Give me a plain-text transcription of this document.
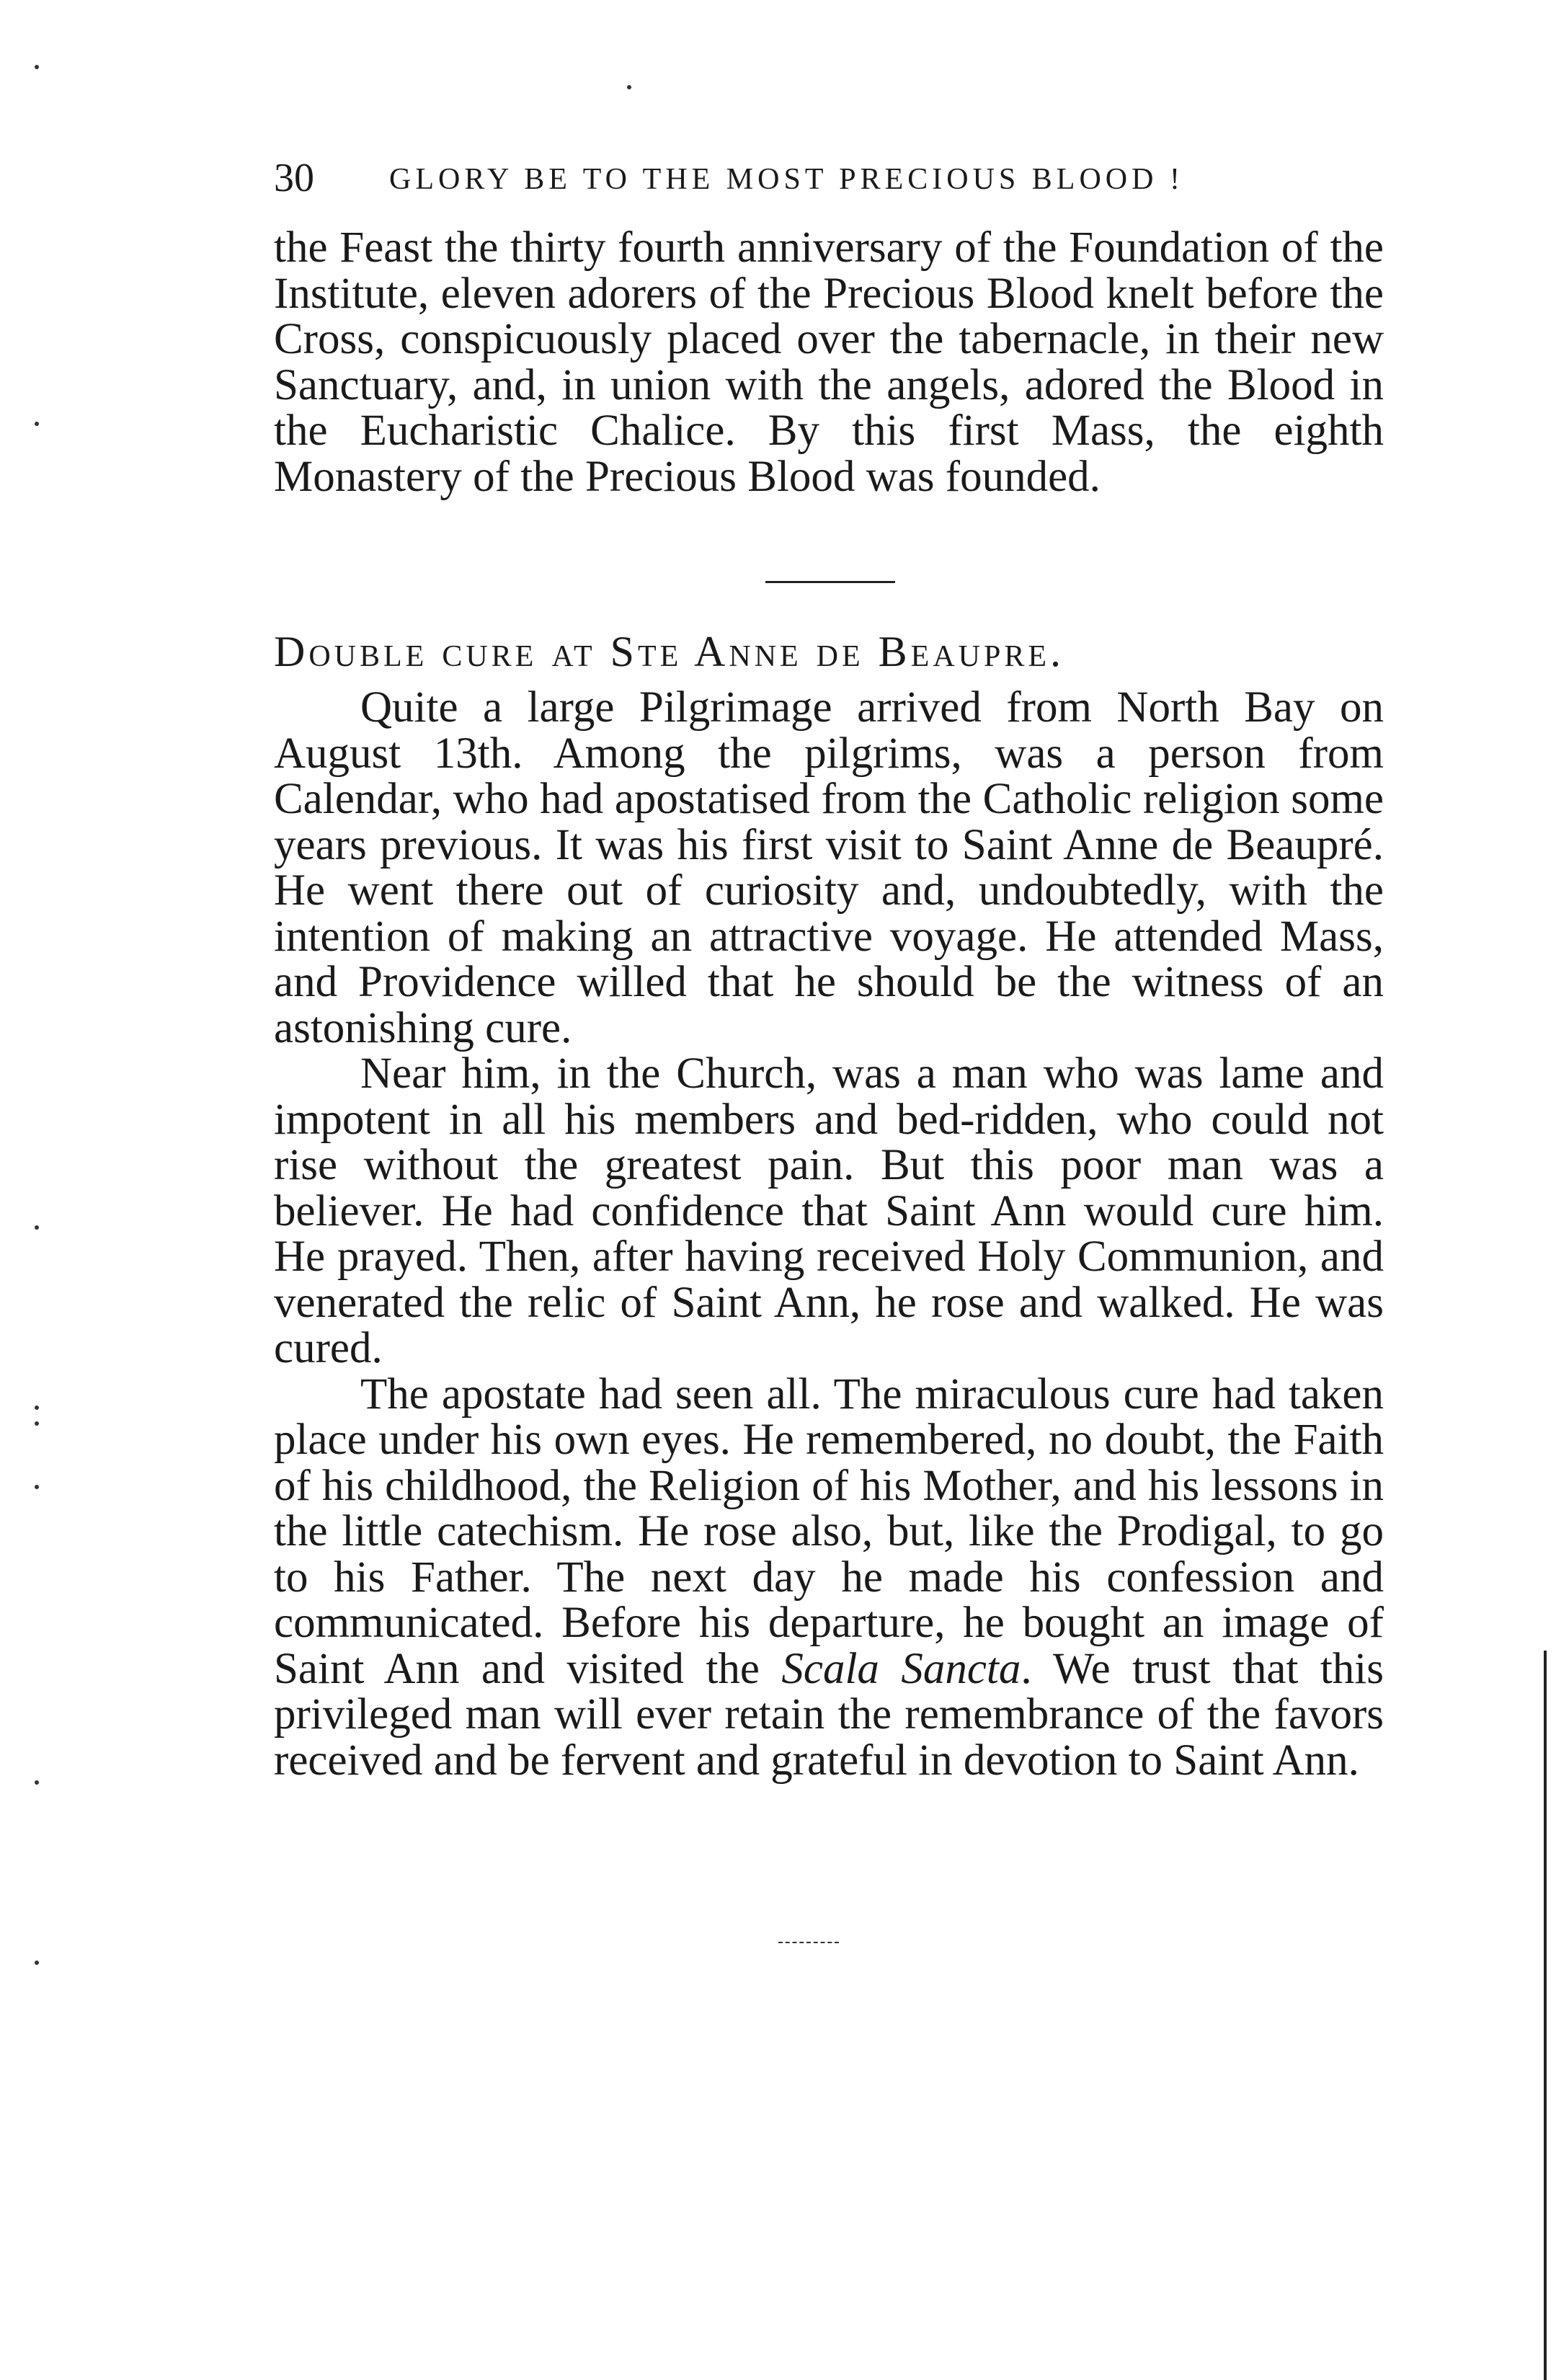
30 GLORY BE TO THE MOST PRECIOUS BLOOD !

the Feast the thirty fourth anniversary of the Foundation of the Institute, eleven adorers of the Precious Blood knelt before the Cross, conspicuously placed over the tabernacle, in their new Sanctuary, and, in union with the angels, adored the Blood in the Eucharistic Chalice. By this first Mass, the eighth Monastery of the Precious Blood was founded.

Double cure at Ste Anne de Beaupre.

Quite a large Pilgrimage arrived from North Bay on August 13th. Among the pilgrims, was a person from Calendar, who had apostatised from the Catholic religion some years previous. It was his first visit to Saint Anne de Beaupré. He went there out of curiosity and, undoubtedly, with the intention of making an attractive voyage. He attended Mass, and Providence willed that he should be the witness of an astonishing cure.

Near him, in the Church, was a man who was lame and impotent in all his members and bed-ridden, who could not rise without the greatest pain. But this poor man was a believer. He had confidence that Saint Ann would cure him. He prayed. Then, after having received Holy Communion, and venerated the relic of Saint Ann, he rose and walked. He was cured.

The apostate had seen all. The miraculous cure had taken place under his own eyes. He remembered, no doubt, the Faith of his childhood, the Religion of his Mother, and his lessons in the little catechism. He rose also, but, like the Prodigal, to go to his Father. The next day he made his confession and communicated. Before his departure, he bought an image of Saint Ann and visited the Scala Sancta. We trust that this privileged man will ever retain the remembrance of the favors received and be fervent and grateful in devotion to Saint Ann.
